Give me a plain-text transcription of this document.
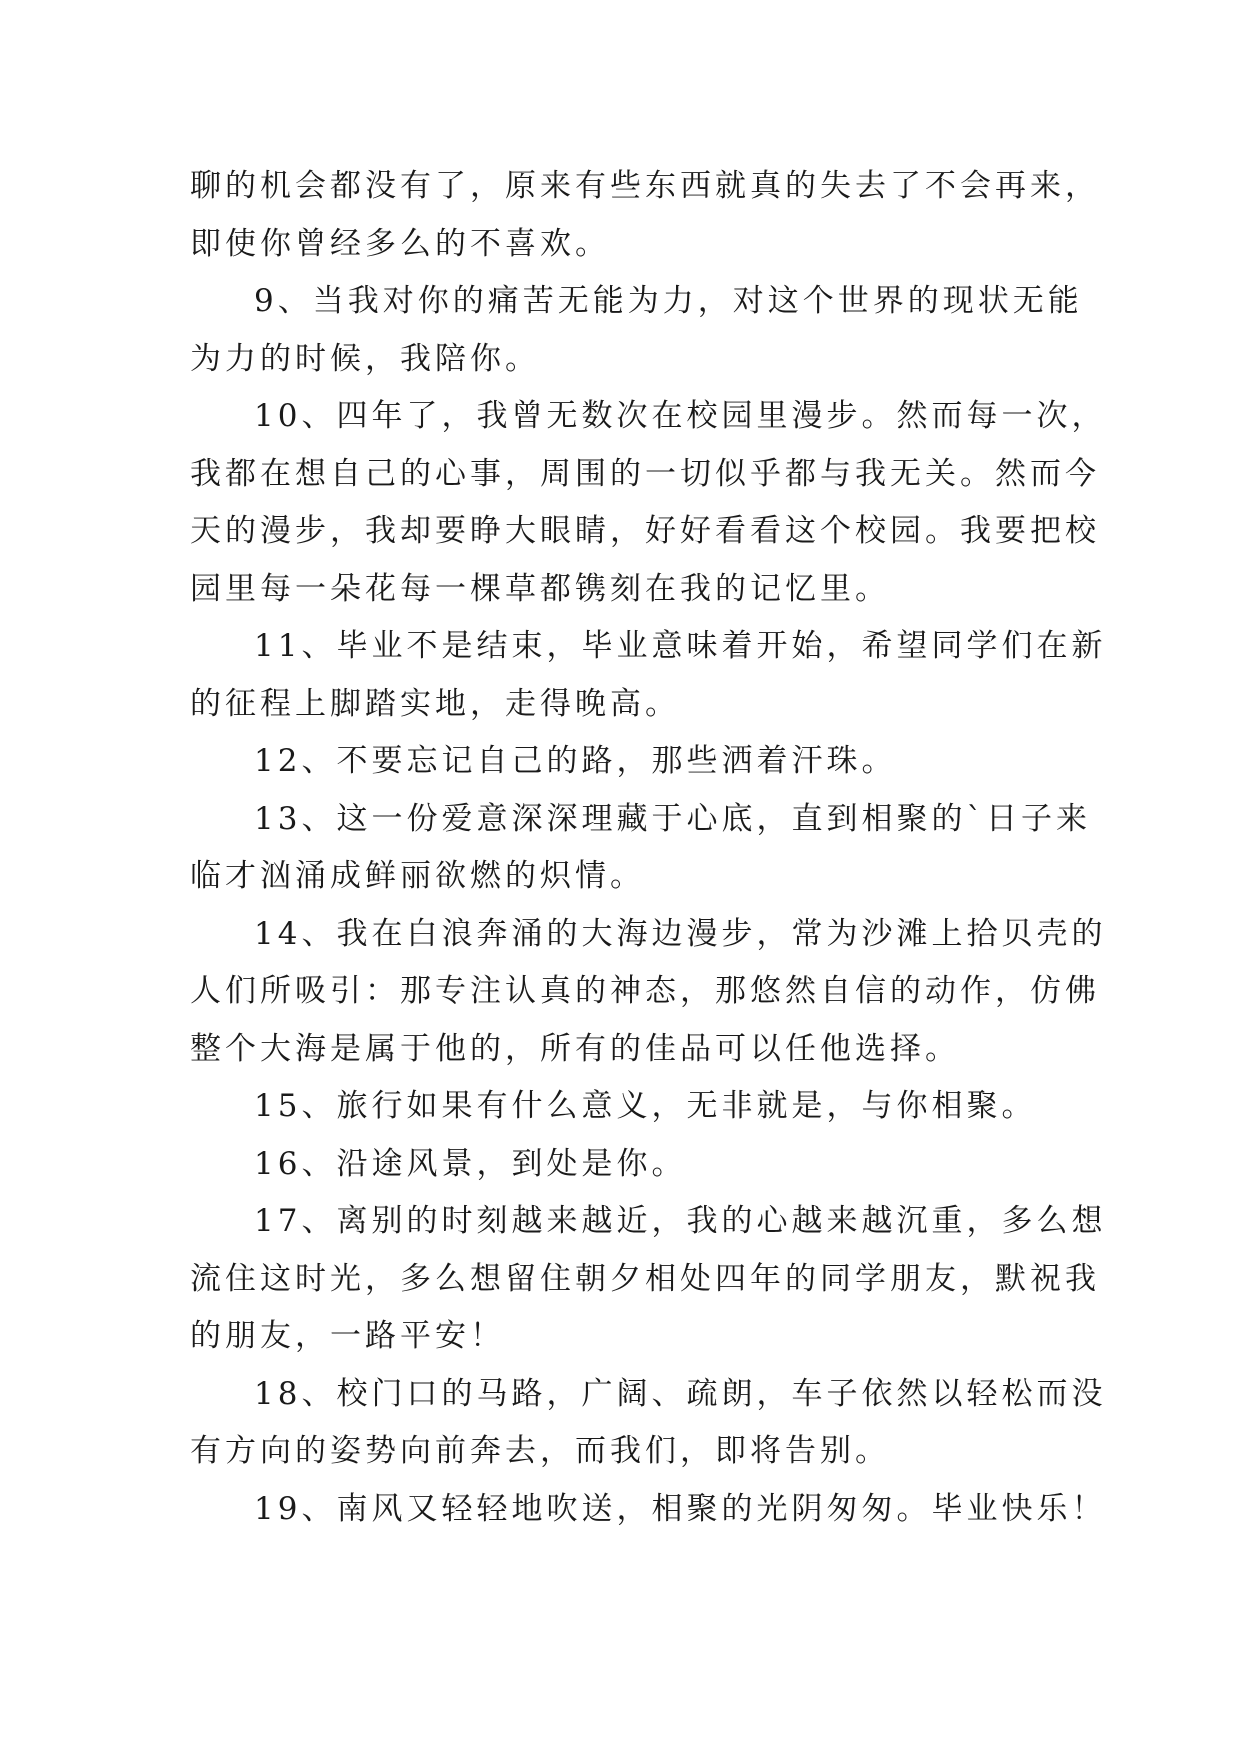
聊的机会都没有了，原来有些东西就真的失去了不会再来，
即使你曾经多么的不喜欢。

9、当我对你的痛苦无能为力，对这个世界的现状无能
为力的时候，我陪你。

10、四年了，我曾无数次在校园里漫步。然而每一次，
我都在想自己的心事，周围的一切似乎都与我无关。然而今
天的漫步，我却要睁大眼睛，好好看看这个校园。我要把校
园里每一朵花每一棵草都镌刻在我的记忆里。

11、毕业不是结束，毕业意味着开始，希望同学们在新
的征程上脚踏实地，走得晚高。

12、不要忘记自己的路，那些洒着汗珠。

13、这一份爱意深深理藏于心底，直到相聚的`日子来
临才汹涌成鲜丽欲燃的炽情。

14、我在白浪奔涌的大海边漫步，常为沙滩上拾贝壳的
人们所吸引：那专注认真的神态，那悠然自信的动作，仿佛
整个大海是属于他的，所有的佳品可以任他选择。

15、旅行如果有什么意义，无非就是，与你相聚。

16、沿途风景，到处是你。

17、离别的时刻越来越近，我的心越来越沉重，多么想
流住这时光，多么想留住朝夕相处四年的同学朋友，默祝我
的朋友，一路平安！

18、校门口的马路，广阔、疏朗，车子依然以轻松而没
有方向的姿势向前奔去，而我们，即将告别。

19、南风又轻轻地吹送，相聚的光阴匆匆。毕业快乐！
